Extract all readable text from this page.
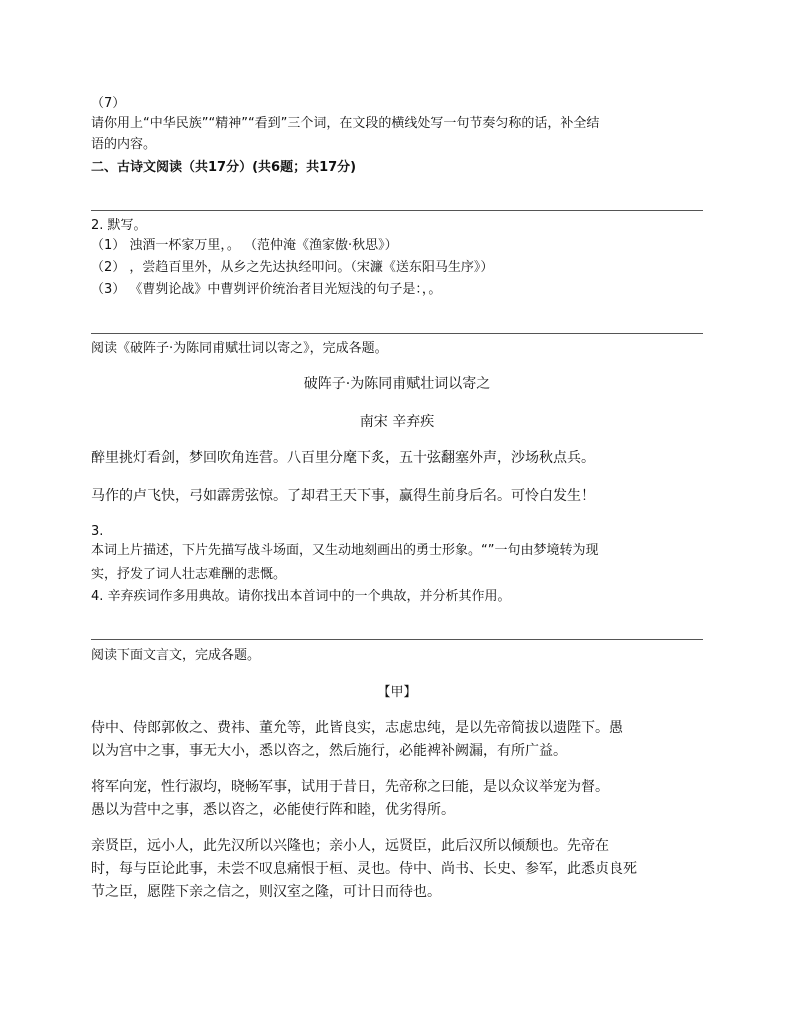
（7）
请你用上“中华民族”“精神”“看到”三个词，在文段的横线处写一句节奏匀称的话，补全结
语的内容。
二、古诗文阅读（共17分）(共6题；共17分)
2. 默写。
（1） 浊酒一杯家万里，。 （范仲淹《渔家傲·秋思》）
（2） ，尝趋百里外，从乡之先达执经叩问。（宋濂《送东阳马生序》）
（3） 《曹刿论战》中曹刿评价统治者目光短浅的句子是：，。
阅读《破阵子·为陈同甫赋壮词以寄之》，完成各题。
破阵子·为陈同甫赋壮词以寄之
南宋 辛弃疾
醉里挑灯看剑，梦回吹角连营。八百里分麾下炙，五十弦翻塞外声，沙场秋点兵。
马作的卢飞快，弓如霹雳弦惊。了却君王天下事，赢得生前身后名。可怜白发生！
3.
本词上片描述，下片先描写战斗场面，又生动地刻画出的勇士形象。“”一句由梦境转为现
实，抒发了词人壮志难酬的悲慨。
4. 辛弃疾词作多用典故。请你找出本首词中的一个典故，并分析其作用。
阅读下面文言文，完成各题。
【甲】
侍中、侍郎郭攸之、费祎、董允等，此皆良实，志虑忠纯，是以先帝简拔以遗陛下。愚
以为宫中之事，事无大小，悉以咨之，然后施行，必能裨补阙漏，有所广益。
将军向宠，性行淑均，晓畅军事，试用于昔日，先帝称之曰能，是以众议举宠为督。
愚以为营中之事，悉以咨之，必能使行阵和睦，优劣得所。
亲贤臣，远小人，此先汉所以兴隆也；亲小人，远贤臣，此后汉所以倾颓也。先帝在
时，每与臣论此事，未尝不叹息痛恨于桓、灵也。侍中、尚书、长史、参军，此悉贞良死
节之臣，愿陛下亲之信之，则汉室之隆，可计日而待也。
